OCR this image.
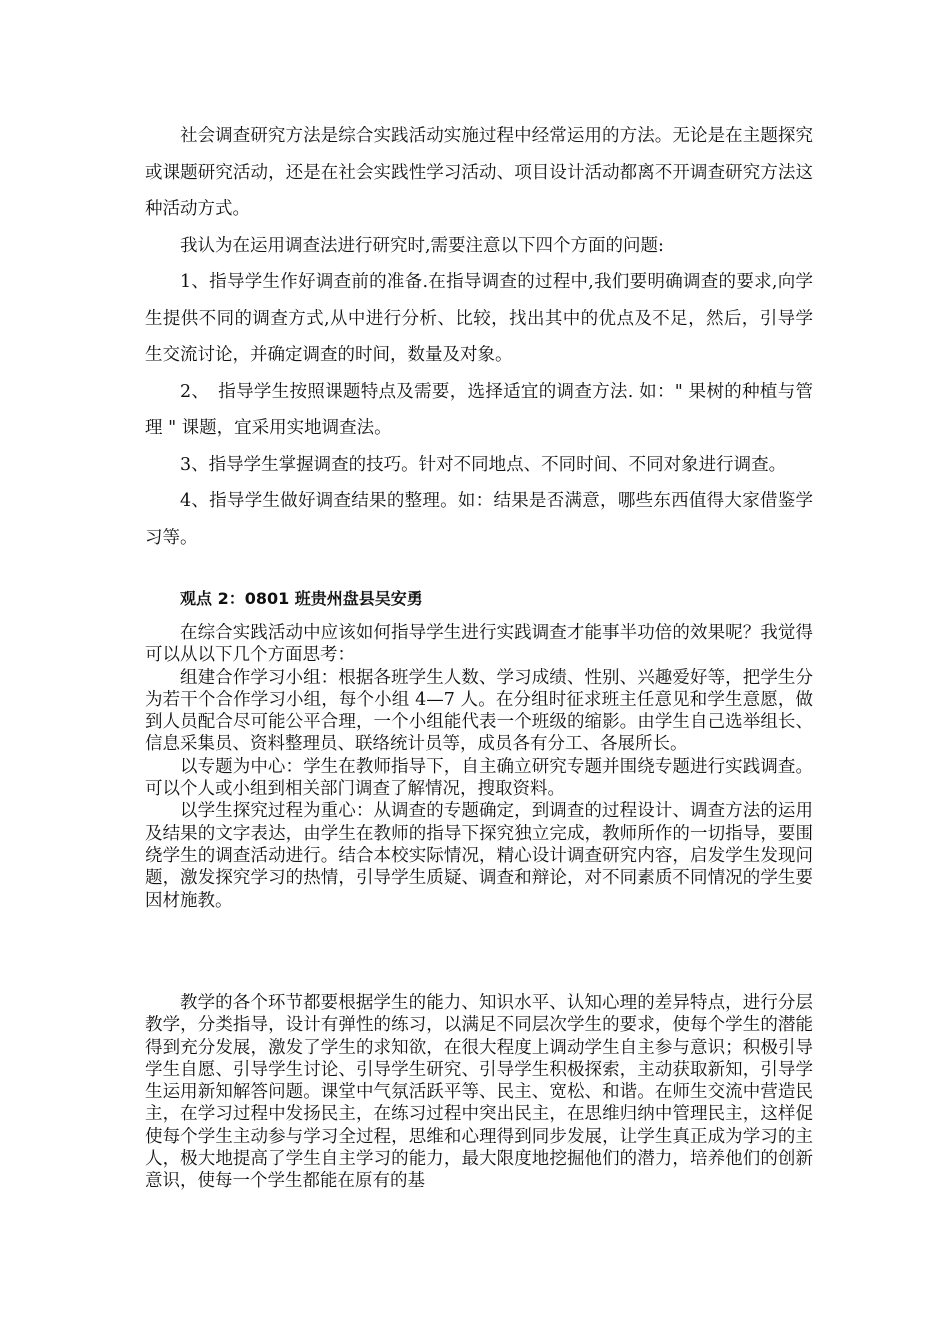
社会调查研究方法是综合实践活动实施过程中经常运用的方法。无论是在主题探究或课题研究活动，还是在社会实践性学习活动、项目设计活动都离不开调查研究方法这种活动方式。

我认为在运用调查法进行研究时,需要注意以下四个方面的问题:

1、指导学生作好调查前的准备.在指导调查的过程中,我们要明确调查的要求,向学生提供不同的调查方式,从中进行分析、比较，找出其中的优点及不足，然后，引导学生交流讨论，并确定调查的时间，数量及对象。

2、　指导学生按照课题特点及需要，选择适宜的调查方法. 如：" 果树的种植与管理 " 课题，宜采用实地调查法。

3、指导学生掌握调查的技巧。针对不同地点、不同时间、不同对象进行调查。

4、指导学生做好调查结果的整理。如：结果是否满意，哪些东西值得大家借鉴学习等。

观点 2：0801 班贵州盘县吴安勇

在综合实践活动中应该如何指导学生进行实践调查才能事半功倍的效果呢？我觉得可以从以下几个方面思考：

组建合作学习小组：根据各班学生人数、学习成绩、性别、兴趣爱好等，把学生分为若干个合作学习小组，每个小组 4—7 人。在分组时征求班主任意见和学生意愿，做到人员配合尽可能公平合理，一个小组能代表一个班级的缩影。由学生自己选举组长、信息采集员、资料整理员、联络统计员等，成员各有分工、各展所长。

以专题为中心：学生在教师指导下，自主确立研究专题并围绕专题进行实践调查。可以个人或小组到相关部门调查了解情况，搜取资料。

以学生探究过程为重心：从调查的专题确定，到调查的过程设计、调查方法的运用及结果的文字表达，由学生在教师的指导下探究独立完成，教师所作的一切指导，要围绕学生的调查活动进行。结合本校实际情况，精心设计调查研究内容，启发学生发现问题，激发探究学习的热情，引导学生质疑、调查和辩论，对不同素质不同情况的学生要因材施教。

教学的各个环节都要根据学生的能力、知识水平、认知心理的差异特点，进行分层教学，分类指导，设计有弹性的练习，以满足不同层次学生的要求，使每个学生的潜能得到充分发展，激发了学生的求知欲，在很大程度上调动学生自主参与意识；积极引导学生自愿、引导学生讨论、引导学生研究、引导学生积极探索，主动获取新知，引导学生运用新知解答问题。课堂中气氛活跃平等、民主、宽松、和谐。在师生交流中营造民主，在学习过程中发扬民主，在练习过程中突出民主，在思维归纳中管理民主，这样促使每个学生主动参与学习全过程，思维和心理得到同步发展，让学生真正成为学习的主人，极大地提高了学生自主学习的能力，最大限度地挖掘他们的潜力，培养他们的创新意识，使每一个学生都能在原有的基
